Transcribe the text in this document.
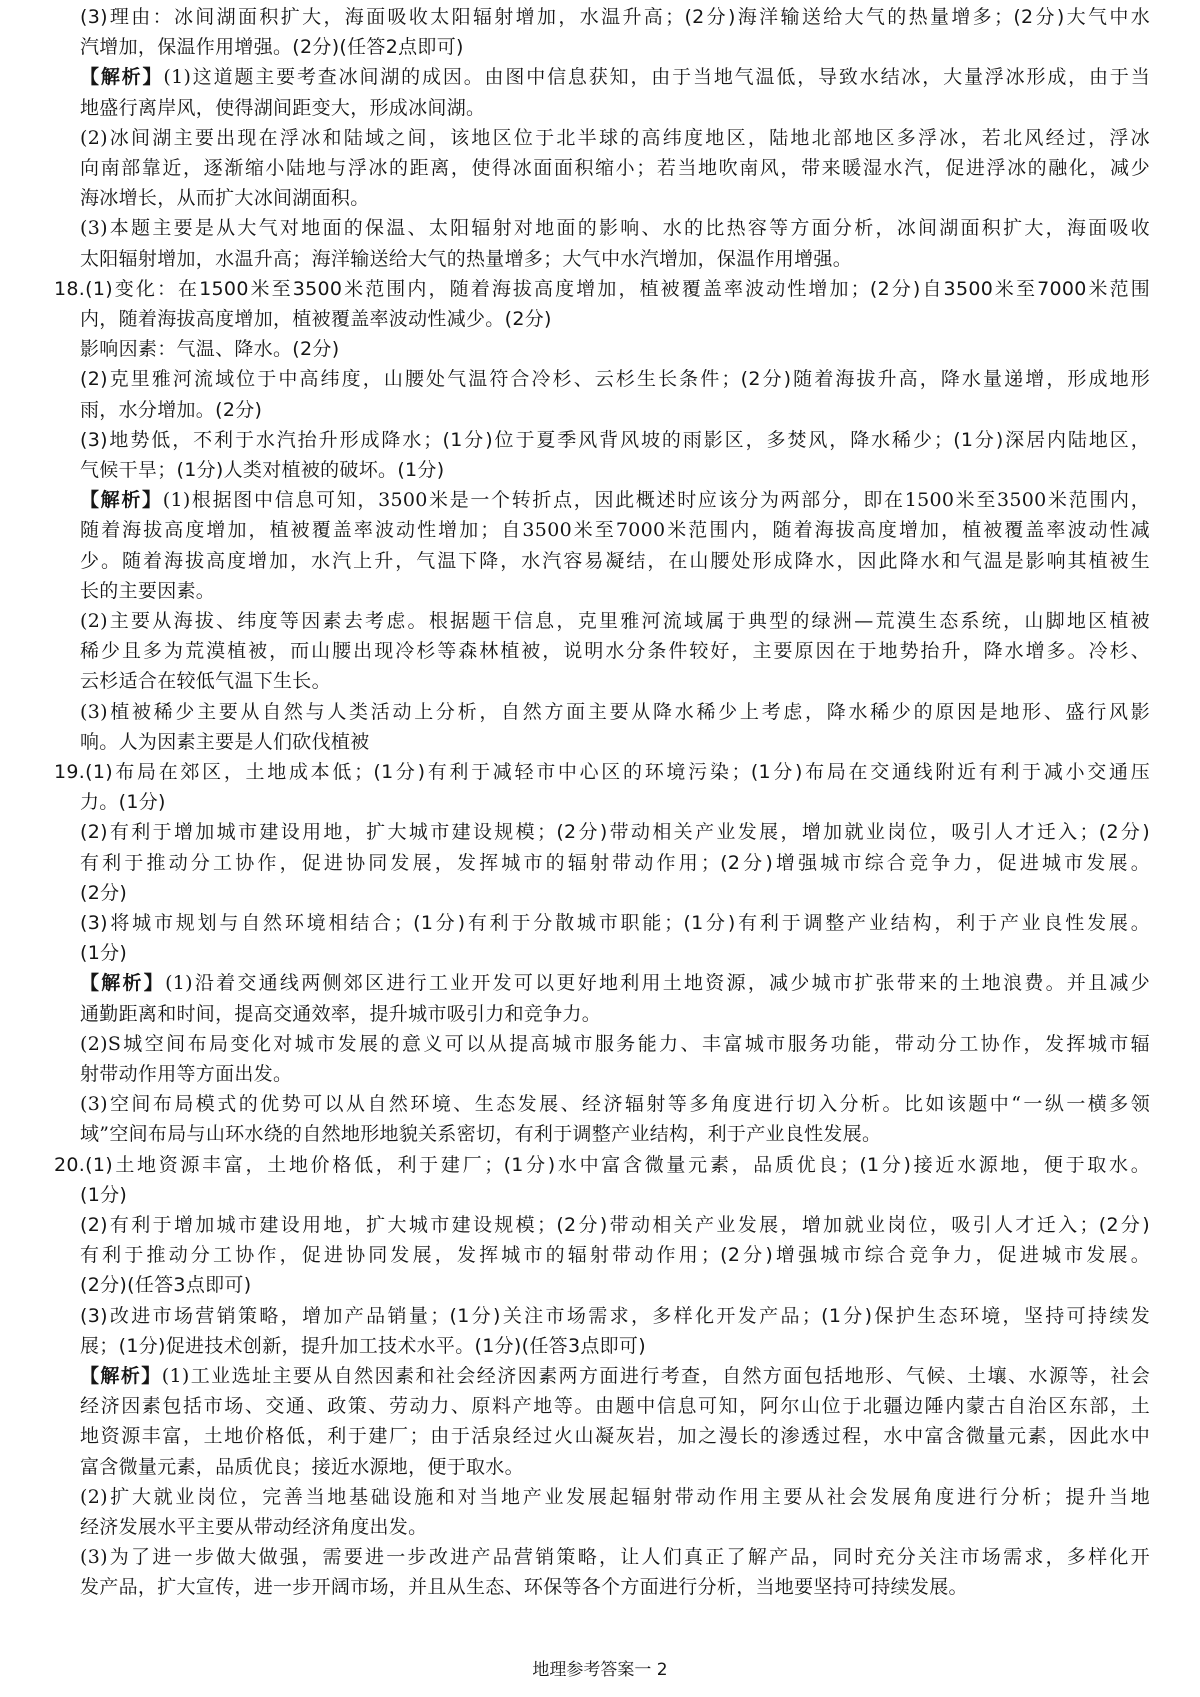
(3)理由：冰间湖面积扩大，海面吸收太阳辐射增加，水温升高；(2分)海洋输送给大气的热量增多；(2分)大气中水
汽增加，保温作用增强。(2分)(任答2点即可)
【解析】(1)这道题主要考查冰间湖的成因。由图中信息获知，由于当地气温低，导致水结冰，大量浮冰形成，由于当
地盛行离岸风，使得湖间距变大，形成冰间湖。
(2)冰间湖主要出现在浮冰和陆域之间，该地区位于北半球的高纬度地区，陆地北部地区多浮冰，若北风经过，浮冰
向南部靠近，逐渐缩小陆地与浮冰的距离，使得冰面面积缩小；若当地吹南风，带来暖湿水汽，促进浮冰的融化，减少
海冰增长，从而扩大冰间湖面积。
(3)本题主要是从大气对地面的保温、太阳辐射对地面的影响、水的比热容等方面分析，冰间湖面积扩大，海面吸收
太阳辐射增加，水温升高；海洋输送给大气的热量增多；大气中水汽增加，保温作用增强。
18.(1)变化：在1500米至3500米范围内，随着海拔高度增加，植被覆盖率波动性增加；(2分)自3500米至7000米范围
内，随着海拔高度增加，植被覆盖率波动性减少。(2分)
影响因素：气温、降水。(2分)
(2)克里雅河流域位于中高纬度，山腰处气温符合冷杉、云杉生长条件；(2分)随着海拔升高，降水量递增，形成地形
雨，水分增加。(2分)
(3)地势低，不利于水汽抬升形成降水；(1分)位于夏季风背风坡的雨影区，多焚风，降水稀少；(1分)深居内陆地区，
气候干旱；(1分)人类对植被的破坏。(1分)
【解析】(1)根据图中信息可知，3500米是一个转折点，因此概述时应该分为两部分，即在1500米至3500米范围内，
随着海拔高度增加，植被覆盖率波动性增加；自3500米至7000米范围内，随着海拔高度增加，植被覆盖率波动性减
少。随着海拔高度增加，水汽上升，气温下降，水汽容易凝结，在山腰处形成降水，因此降水和气温是影响其植被生
长的主要因素。
(2)主要从海拔、纬度等因素去考虑。根据题干信息，克里雅河流域属于典型的绿洲—荒漠生态系统，山脚地区植被
稀少且多为荒漠植被，而山腰出现冷杉等森林植被，说明水分条件较好，主要原因在于地势抬升，降水增多。冷杉、
云杉适合在较低气温下生长。
(3)植被稀少主要从自然与人类活动上分析，自然方面主要从降水稀少上考虑，降水稀少的原因是地形、盛行风影
响。人为因素主要是人们砍伐植被
19.(1)布局在郊区，土地成本低；(1分)有利于减轻市中心区的环境污染；(1分)布局在交通线附近有利于减小交通压
力。(1分)
(2)有利于增加城市建设用地，扩大城市建设规模；(2分)带动相关产业发展，增加就业岗位，吸引人才迁入；(2分)
有利于推动分工协作，促进协同发展，发挥城市的辐射带动作用；(2分)增强城市综合竞争力，促进城市发展。
(2分)
(3)将城市规划与自然环境相结合；(1分)有利于分散城市职能；(1分)有利于调整产业结构，利于产业良性发展。
(1分)
【解析】(1)沿着交通线两侧郊区进行工业开发可以更好地利用土地资源，减少城市扩张带来的土地浪费。并且减少
通勤距离和时间，提高交通效率，提升城市吸引力和竞争力。
(2)S城空间布局变化对城市发展的意义可以从提高城市服务能力、丰富城市服务功能，带动分工协作，发挥城市辐
射带动作用等方面出发。
(3)空间布局模式的优势可以从自然环境、生态发展、经济辐射等多角度进行切入分析。比如该题中“一纵一横多领
域”空间布局与山环水绕的自然地形地貌关系密切，有利于调整产业结构，利于产业良性发展。
20.(1)土地资源丰富，土地价格低，利于建厂；(1分)水中富含微量元素，品质优良；(1分)接近水源地，便于取水。
(1分)
(2)有利于增加城市建设用地，扩大城市建设规模；(2分)带动相关产业发展，增加就业岗位，吸引人才迁入；(2分)
有利于推动分工协作，促进协同发展，发挥城市的辐射带动作用；(2分)增强城市综合竞争力，促进城市发展。
(2分)(任答3点即可)
(3)改进市场营销策略，增加产品销量；(1分)关注市场需求，多样化开发产品；(1分)保护生态环境，坚持可持续发
展；(1分)促进技术创新，提升加工技术水平。(1分)(任答3点即可)
【解析】(1)工业选址主要从自然因素和社会经济因素两方面进行考查，自然方面包括地形、气候、土壤、水源等，社会
经济因素包括市场、交通、政策、劳动力、原料产地等。由题中信息可知，阿尔山位于北疆边陲内蒙古自治区东部，土
地资源丰富，土地价格低，利于建厂；由于活泉经过火山凝灰岩，加之漫长的渗透过程，水中富含微量元素，因此水中
富含微量元素，品质优良；接近水源地，便于取水。
(2)扩大就业岗位，完善当地基础设施和对当地产业发展起辐射带动作用主要从社会发展角度进行分析；提升当地
经济发展水平主要从带动经济角度出发。
(3)为了进一步做大做强，需要进一步改进产品营销策略，让人们真正了解产品，同时充分关注市场需求，多样化开
发产品，扩大宣传，进一步开阔市场，并且从生态、环保等各个方面进行分析，当地要坚持可持续发展。
地理参考答案一 2
